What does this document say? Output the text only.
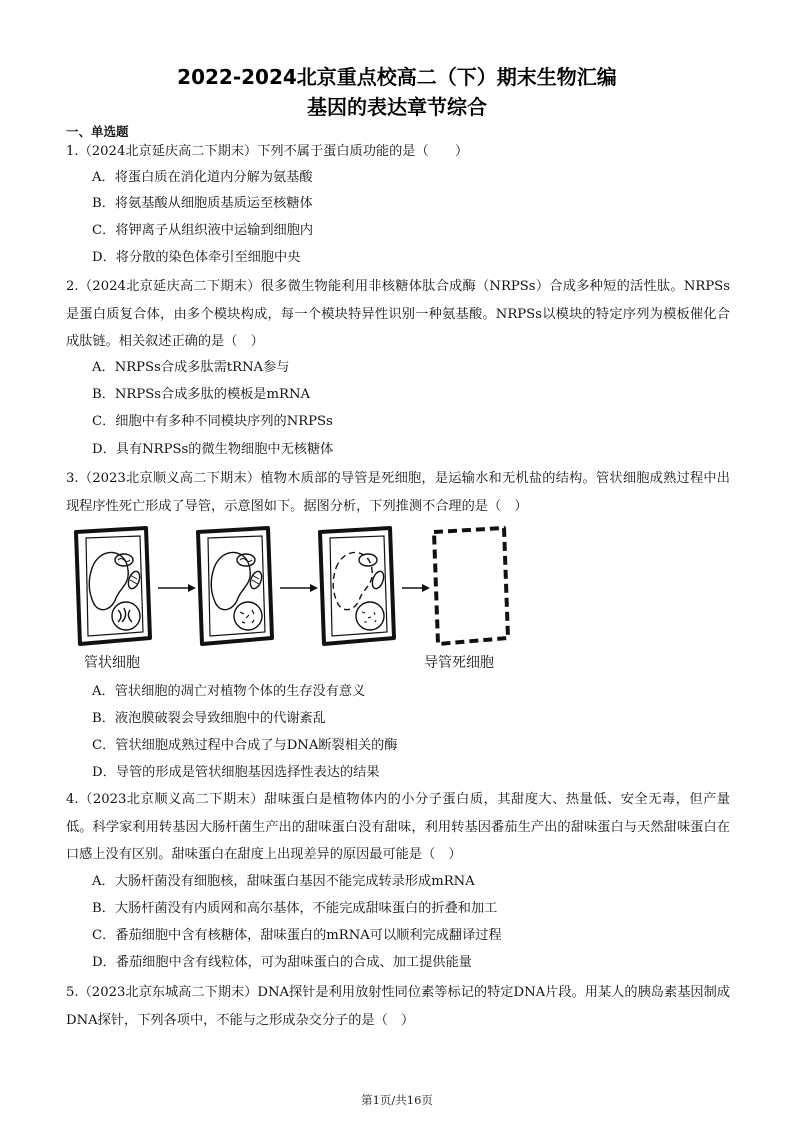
2022-2024北京重点校高二（下）期末生物汇编
基因的表达章节综合
一、单选题
1.（2024北京延庆高二下期末）下列不属于蛋白质功能的是（　　）
A．将蛋白质在消化道内分解为氨基酸
B．将氨基酸从细胞质基质运至核糖体
C．将钾离子从组织液中运输到细胞内
D．将分散的染色体牵引至细胞中央
2.（2024北京延庆高二下期末）很多微生物能利用非核糖体肽合成酶（NRPSs）合成多种短的活性肽。NRPSs是蛋白质复合体，由多个模块构成，每一个模块特异性识别一种氨基酸。NRPSs以模块的特定序列为模板催化合成肽链。相关叙述正确的是（　）
A．NRPSs合成多肽需tRNA参与
B．NRPSs合成多肽的模板是mRNA
C．细胞中有多种不同模块序列的NRPSs
D．具有NRPSs的微生物细胞中无核糖体
3.（2023北京顺义高二下期末）植物木质部的导管是死细胞，是运输水和无机盐的结构。管状细胞成熟过程中出现程序性死亡形成了导管，示意图如下。据图分析，下列推测不合理的是（　）
管状细胞	导管死细胞
A．管状细胞的凋亡对植物个体的生存没有意义
B．液泡膜破裂会导致细胞中的代谢紊乱
C．管状细胞成熟过程中合成了与DNA断裂相关的酶
D．导管的形成是管状细胞基因选择性表达的结果
4.（2023北京顺义高二下期末）甜味蛋白是植物体内的小分子蛋白质，其甜度大、热量低、安全无毒，但产量低。科学家利用转基因大肠杆菌生产出的甜味蛋白没有甜味，利用转基因番茄生产出的甜味蛋白与天然甜味蛋白在口感上没有区别。甜味蛋白在甜度上出现差异的原因最可能是（　）
A．大肠杆菌没有细胞核，甜味蛋白基因不能完成转录形成mRNA
B．大肠杆菌没有内质网和高尔基体，不能完成甜味蛋白的折叠和加工
C．番茄细胞中含有核糖体，甜味蛋白的mRNA可以顺利完成翻译过程
D．番茄细胞中含有线粒体，可为甜味蛋白的合成、加工提供能量
5.（2023北京东城高二下期末）DNA探针是利用放射性同位素等标记的特定DNA片段。用某人的胰岛素基因制成DNA探针，下列各项中，不能与之形成杂交分子的是（　）
第1页/共16页
